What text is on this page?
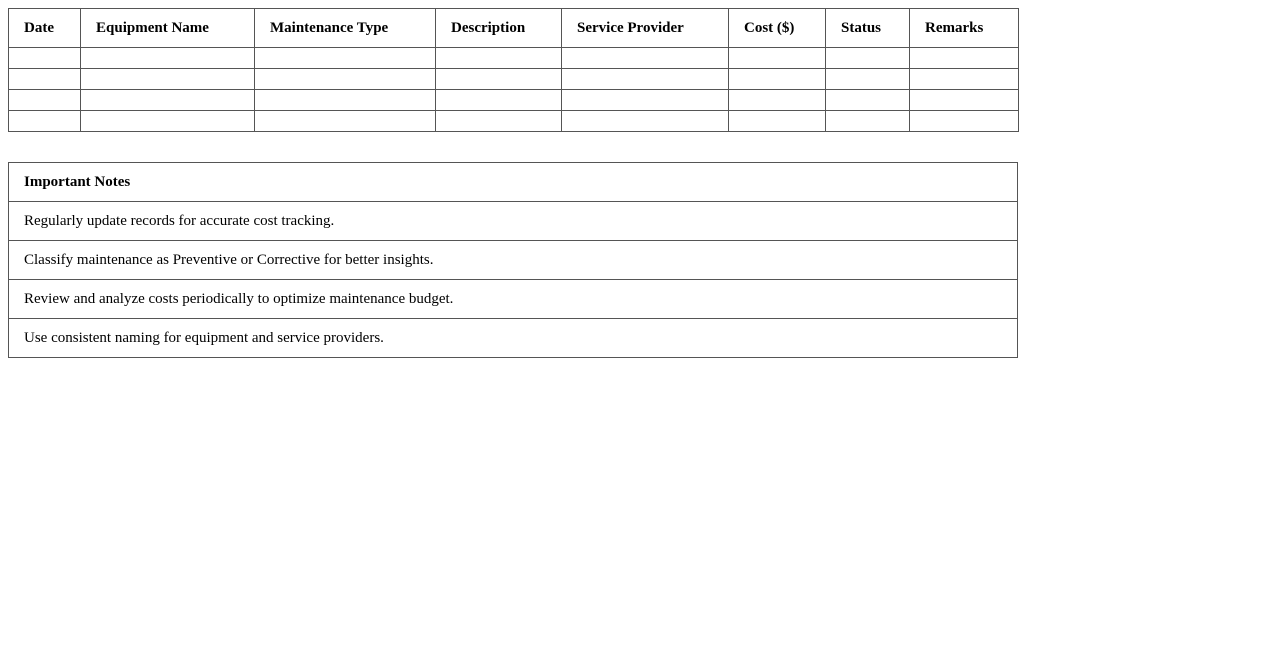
Date	Equipment Name	Maintenance Type	Description	Service Provider	Cost ($)	Status	Remarks

Important Notes
Regularly update records for accurate cost tracking.
Classify maintenance as Preventive or Corrective for better insights.
Review and analyze costs periodically to optimize maintenance budget.
Use consistent naming for equipment and service providers.
